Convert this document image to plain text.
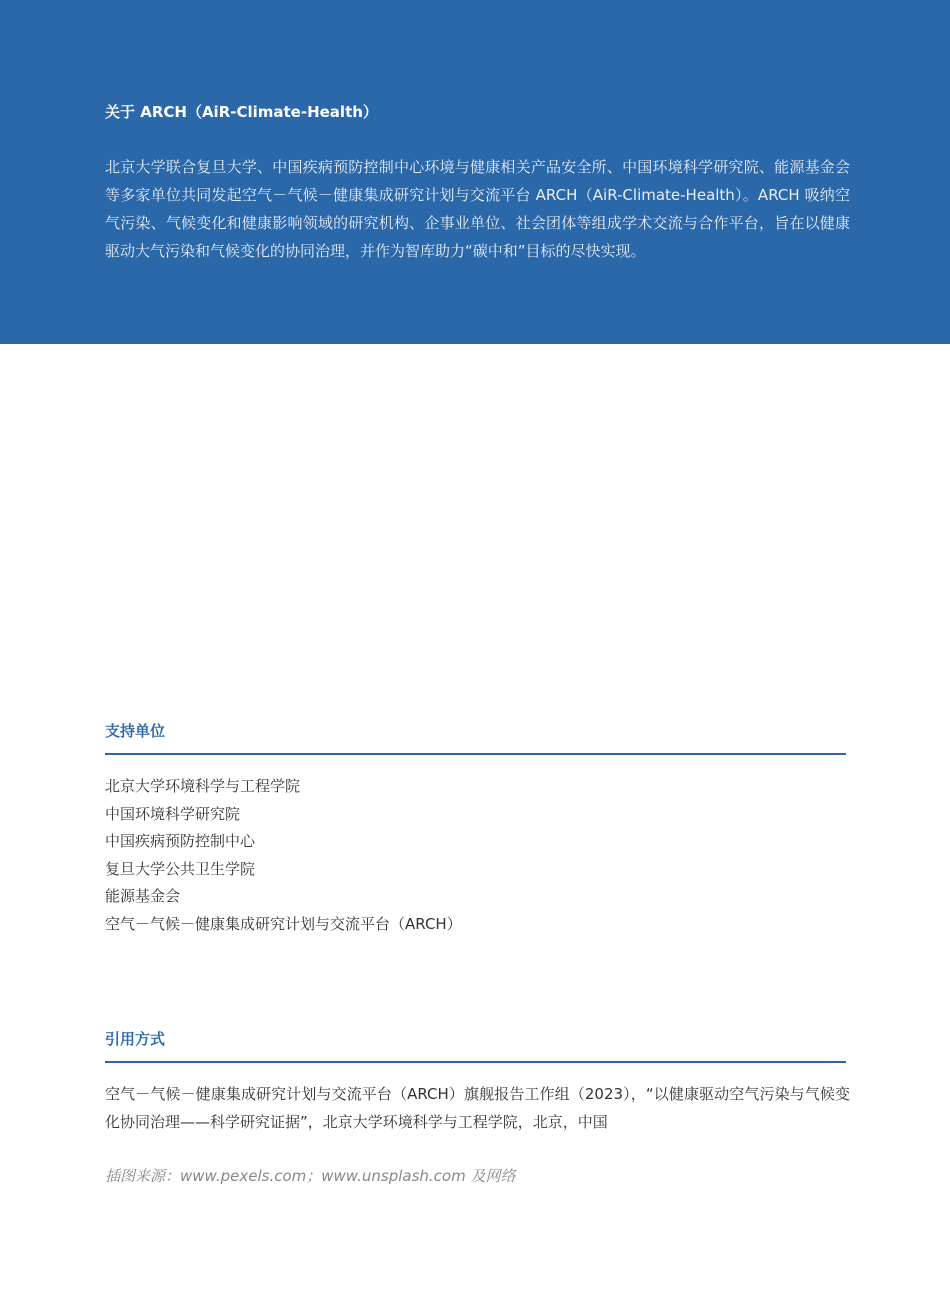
关于 ARCH（AiR-Climate-Health）

北京大学联合复旦大学、中国疾病预防控制中心环境与健康相关产品安全所、中国环境科学研究院、能源基金会等多家单位共同发起空气－气候－健康集成研究计划与交流平台 ARCH（AiR-Climate-Health）。ARCH 吸纳空气污染、气候变化和健康影响领域的研究机构、企事业单位、社会团体等组成学术交流与合作平台，旨在以健康驱动大气污染和气候变化的协同治理，并作为智库助力“碳中和”目标的尽快实现。

支持单位
北京大学环境科学与工程学院
中国环境科学研究院
中国疾病预防控制中心
复旦大学公共卫生学院
能源基金会
空气－气候－健康集成研究计划与交流平台（ARCH）
引用方式

空气－气候－健康集成研究计划与交流平台（ARCH）旗舰报告工作组（2023），“以健康驱动空气污染与气候变化协同治理——科学研究证据”，北京大学环境科学与工程学院，北京，中国

插图来源：www.pexels.com；www.unsplash.com 及网络
